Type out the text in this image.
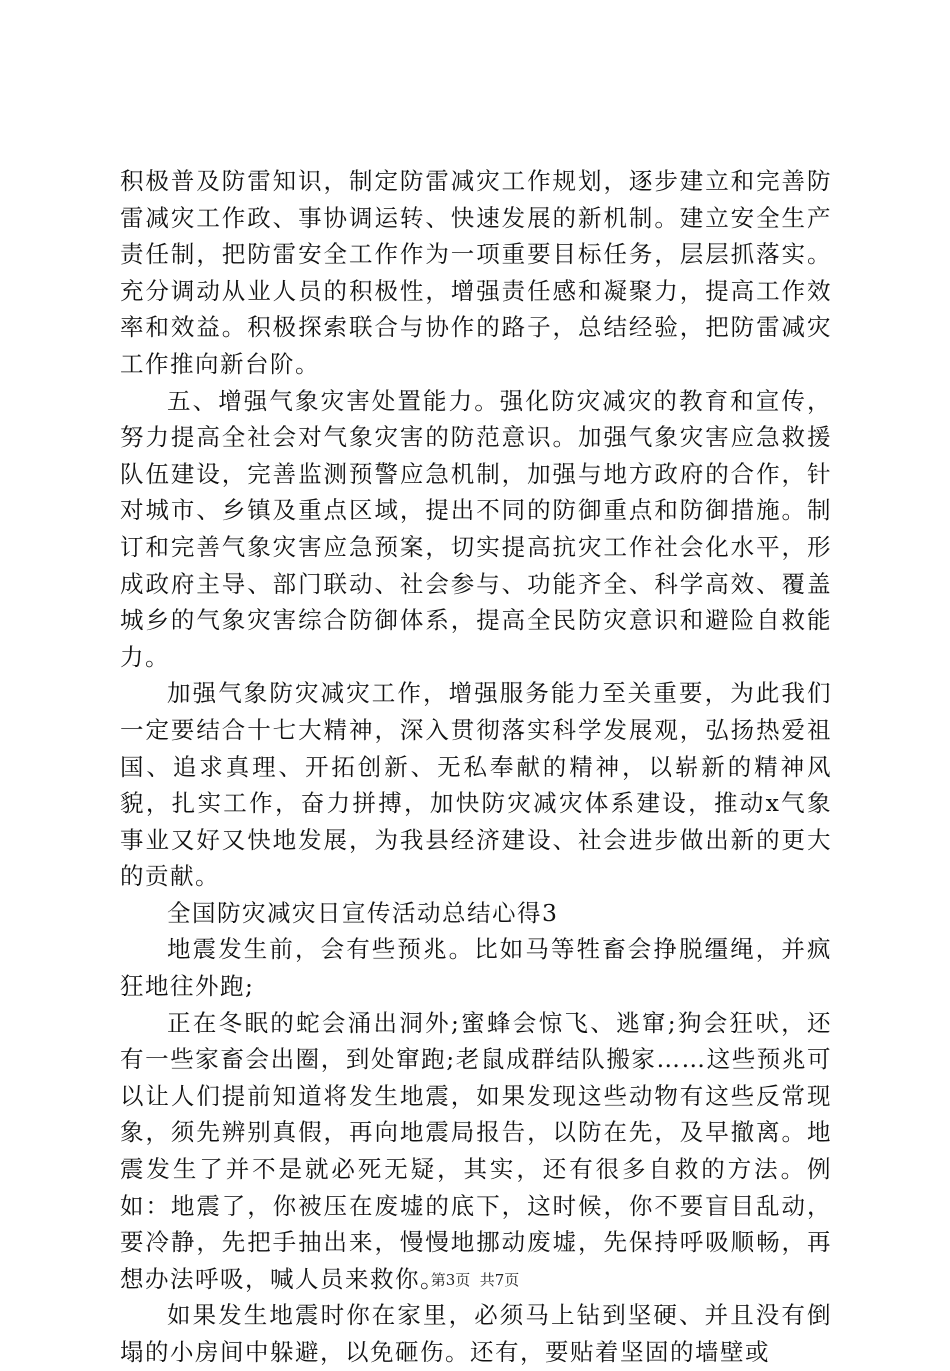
积极普及防雷知识，制定防雷减灾工作规划，逐步建立和完善防雷减灾工作政、事协调运转、快速发展的新机制。建立安全生产责任制，把防雷安全工作作为一项重要目标任务，层层抓落实。充分调动从业人员的积极性，增强责任感和凝聚力，提高工作效率和效益。积极探索联合与协作的路子，总结经验，把防雷减灾工作推向新台阶。

五、增强气象灾害处置能力。强化防灾减灾的教育和宣传，努力提高全社会对气象灾害的防范意识。加强气象灾害应急救援队伍建设，完善监测预警应急机制，加强与地方政府的合作，针对城市、乡镇及重点区域，提出不同的防御重点和防御措施。制订和完善气象灾害应急预案，切实提高抗灾工作社会化水平，形成政府主导、部门联动、社会参与、功能齐全、科学高效、覆盖城乡的气象灾害综合防御体系，提高全民防灾意识和避险自救能力。

加强气象防灾减灾工作，增强服务能力至关重要，为此我们一定要结合十七大精神，深入贯彻落实科学发展观，弘扬热爱祖国、追求真理、开拓创新、无私奉献的精神，以崭新的精神风貌，扎实工作，奋力拼搏，加快防灾减灾体系建设，推动x气象事业又好又快地发展，为我县经济建设、社会进步做出新的更大的贡献。

全国防灾减灾日宣传活动总结心得3

地震发生前，会有些预兆。比如马等牲畜会挣脱缰绳，并疯狂地往外跑;

正在冬眠的蛇会涌出洞外;蜜蜂会惊飞、逃窜;狗会狂吠，还有一些家畜会出圈，到处窜跑;老鼠成群结队搬家……这些预兆可以让人们提前知道将发生地震，如果发现这些动物有这些反常现象，须先辨别真假，再向地震局报告，以防在先，及早撤离。地震发生了并不是就必死无疑，其实，还有很多自救的方法。例如：地震了，你被压在废墟的底下，这时候，你不要盲目乱动，要冷静，先把手抽出来，慢慢地挪动废墟，先保持呼吸顺畅，再想办法呼吸，喊人员来救你。

如果发生地震时你在家里，必须马上钻到坚硬、并且没有倒塌的小房间中躲避，以免砸伤。还有，要贴着坚固的墙壁或

第3页  共7页
